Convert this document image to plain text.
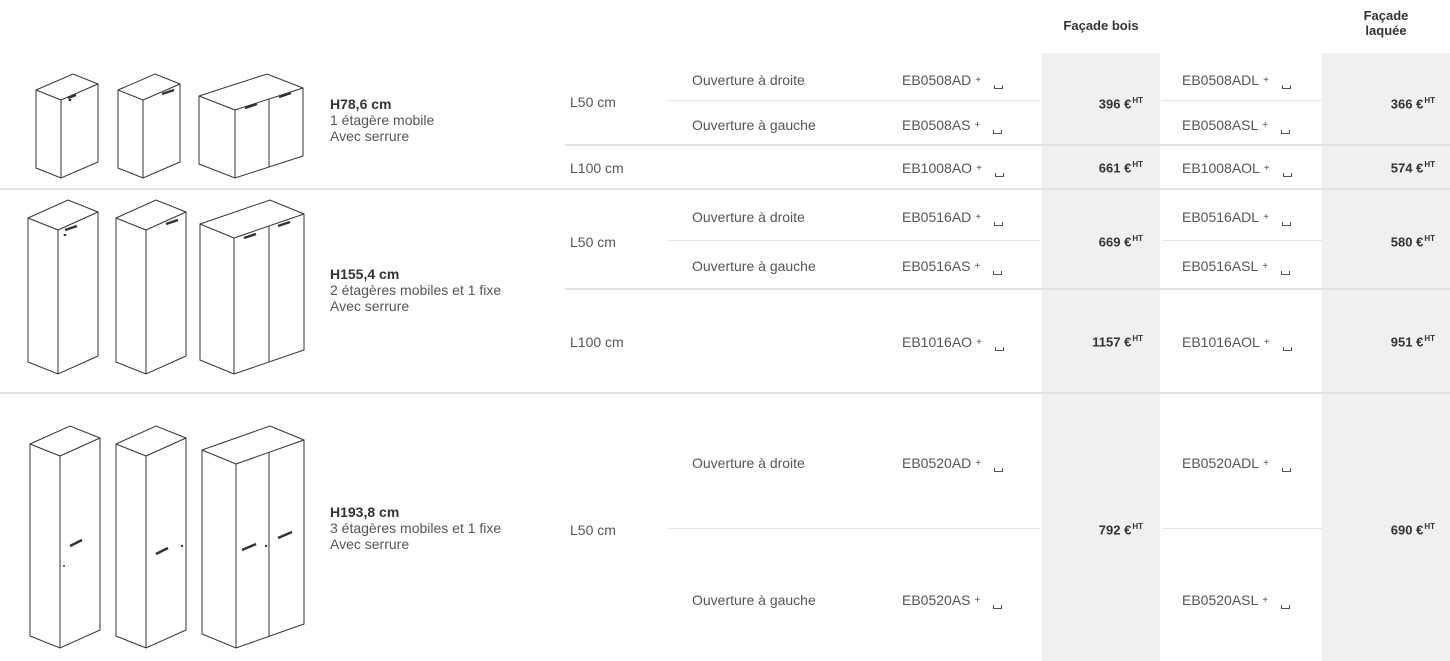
Façade bois
Façade
laquée
H78,6 cm
1 étagère mobile
Avec serrure
H155,4 cm
2 étagères mobiles et 1 fixe
Avec serrure
H193,8 cm
3 étagères mobiles et 1 fixe
Avec serrure
L50 cm
L100 cm
L50 cm
L100 cm
L50 cm
Ouverture à droite
Ouverture à gauche
Ouverture à droite
Ouverture à gauche
Ouverture à droite
Ouverture à gauche
EB0508AD +
EB0508AS +
EB1008AO +
EB0516AD +
EB0516AS +
EB1016AO +
EB0520AD +
EB0520AS +
EB0508ADL +
EB0508ASL +
EB1008AOL +
EB0516ADL +
EB0516ASL +
EB1016AOL +
EB0520ADL +
EB0520ASL +
396 €$^{HT}$
661 €$^{HT}$
669 €$^{HT}$
1157 €$^{HT}$
792 €$^{HT}$
366 €$^{HT}$
574 €$^{HT}$
580 €$^{HT}$
951 €$^{HT}$
690 €$^{HT}$
